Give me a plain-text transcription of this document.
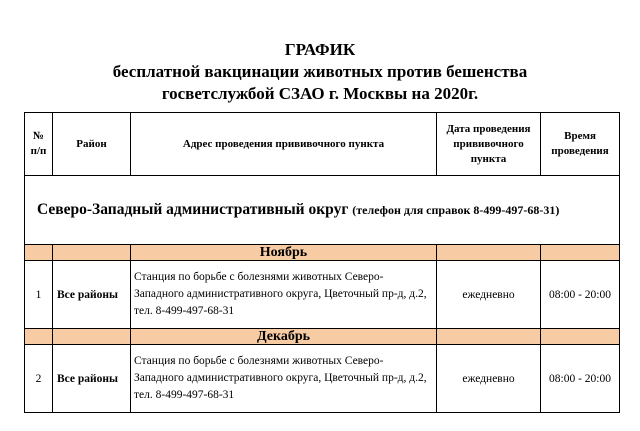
ГРАФИК
бесплатной вакцинации животных против бешенства
госветслужбой СЗАО г. Москвы на 2020г.
№ п/п	Район	Адрес проведения прививочного пункта	Дата проведения прививочного пункта	Время проведения
Северо-Западный административный округ (телефон для справок 8-499-497-68-31)				
		Ноябрь		
1	Все районы	Станция по борьбе с болезнями животных Северо-Западного административного округа, Цветочный пр-д, д.2, тел. 8-499-497-68-31	ежедневно	08:00 - 20:00
		Декабрь		
2	Все районы	Станция по борьбе с болезнями животных Северо-Западного административного округа, Цветочный пр-д, д.2, тел. 8-499-497-68-31	ежедневно	08:00 - 20:00
